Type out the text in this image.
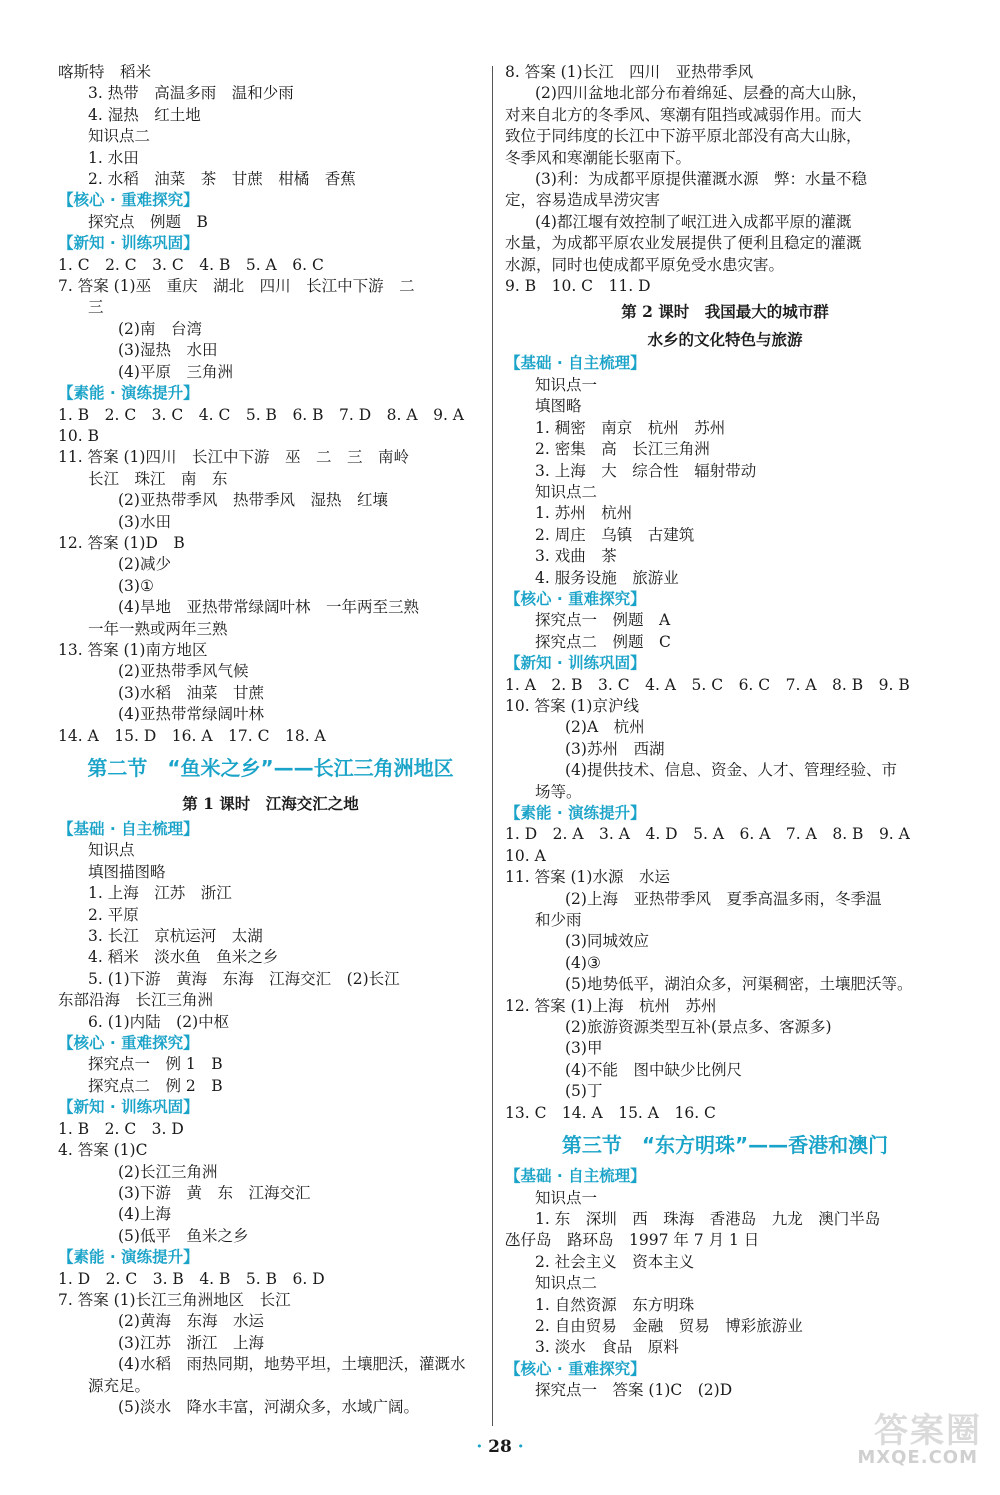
喀斯特　稻米
3. 热带　高温多雨　温和少雨
4. 湿热　红土地
知识点二
1. 水田
2. 水稻　油菜　茶　甘蔗　柑橘　香蕉
【核心 · 重难探究】
探究点　例题　B
【新知 · 训练巩固】
1. C　2. C　3. C　4. B　5. A　6. C
7. 答案 (1)巫　重庆　湖北　四川　长江中下游　二
三
(2)南　台湾
(3)湿热　水田
(4)平原　三角洲
【素能 · 演练提升】
1. B　2. C　3. C　4. C　5. B　6. B　7. D　8. A　9. A
10. B
11. 答案 (1)四川　长江中下游　巫　二　三　南岭
长江　珠江　南　东
(2)亚热带季风　热带季风　湿热　红壤
(3)水田
12. 答案 (1)D　B
(2)减少
(3)①
(4)旱地　亚热带常绿阔叶林　一年两至三熟
一年一熟或两年三熟
13. 答案 (1)南方地区
(2)亚热带季风气候
(3)水稻　油菜　甘蔗
(4)亚热带常绿阔叶林
14. A　15. D　16. A　17. C　18. A
第二节　“鱼米之乡”——长江三角洲地区
第 1 课时　江海交汇之地
【基础 · 自主梳理】
知识点
填图描图略
1. 上海　江苏　浙江
2. 平原
3. 长江　京杭运河　太湖
4. 稻米　淡水鱼　鱼米之乡
5. (1)下游　黄海　东海　江海交汇　(2)长江
东部沿海　长江三角洲
6. (1)内陆　(2)中枢
【核心 · 重难探究】
探究点一　例 1　B
探究点二　例 2　B
【新知 · 训练巩固】
1. B　2. C　3. D
4. 答案 (1)C
(2)长江三角洲
(3)下游　黄　东　江海交汇
(4)上海
(5)低平　鱼米之乡
【素能 · 演练提升】
1. D　2. C　3. B　4. B　5. B　6. D
7. 答案 (1)长江三角洲地区　长江
(2)黄海　东海　水运
(3)江苏　浙江　上海
(4)水稻　雨热同期，地势平坦，土壤肥沃，灌溉水
源充足。
(5)淡水　降水丰富，河湖众多，水域广阔。
8. 答案 (1)长江　四川　亚热带季风
(2)四川盆地北部分布着绵延、层叠的高大山脉，
对来自北方的冬季风、寒潮有阻挡或减弱作用。而大
致位于同纬度的长江中下游平原北部没有高大山脉，
冬季风和寒潮能长驱南下。
(3)利：为成都平原提供灌溉水源　弊：水量不稳
定，容易造成旱涝灾害
(4)都江堰有效控制了岷江进入成都平原的灌溉
水量，为成都平原农业发展提供了便利且稳定的灌溉
水源，同时也使成都平原免受水患灾害。
9. B　10. C　11. D
第 2 课时　我国最大的城市群
水乡的文化特色与旅游
【基础 · 自主梳理】
知识点一
填图略
1. 稠密　南京　杭州　苏州
2. 密集　高　长江三角洲
3. 上海　大　综合性　辐射带动
知识点二
1. 苏州　杭州
2. 周庄　乌镇　古建筑
3. 戏曲　茶
4. 服务设施　旅游业
【核心 · 重难探究】
探究点一　例题　A
探究点二　例题　C
【新知 · 训练巩固】
1. A　2. B　3. C　4. A　5. C　6. C　7. A　8. B　9. B
10. 答案 (1)京沪线
(2)A　杭州
(3)苏州　西湖
(4)提供技术、信息、资金、人才、管理经验、市
场等。
【素能 · 演练提升】
1. D　2. A　3. A　4. D　5. A　6. A　7. A　8. B　9. A
10. A
11. 答案 (1)水源　水运
(2)上海　亚热带季风　夏季高温多雨，冬季温
和少雨
(3)同城效应
(4)③
(5)地势低平，湖泊众多，河渠稠密，土壤肥沃等。
12. 答案 (1)上海　杭州　苏州
(2)旅游资源类型互补(景点多、客源多)
(3)甲
(4)不能　图中缺少比例尺
(5)丁
13. C　14. A　15. A　16. C
第三节　“东方明珠”——香港和澳门
【基础 · 自主梳理】
知识点一
1. 东　深圳　西　珠海　香港岛　九龙　澳门半岛
氹仔岛　路环岛　1997 年 7 月 1 日
2. 社会主义　资本主义
知识点二
1. 自然资源　东方明珠
2. 自由贸易　金融　贸易　博彩旅游业
3. 淡水　食品　原料
【核心 · 重难探究】
探究点一　答案 (1)C　(2)D
· 28 ·	答案圈
MXQE.COM
